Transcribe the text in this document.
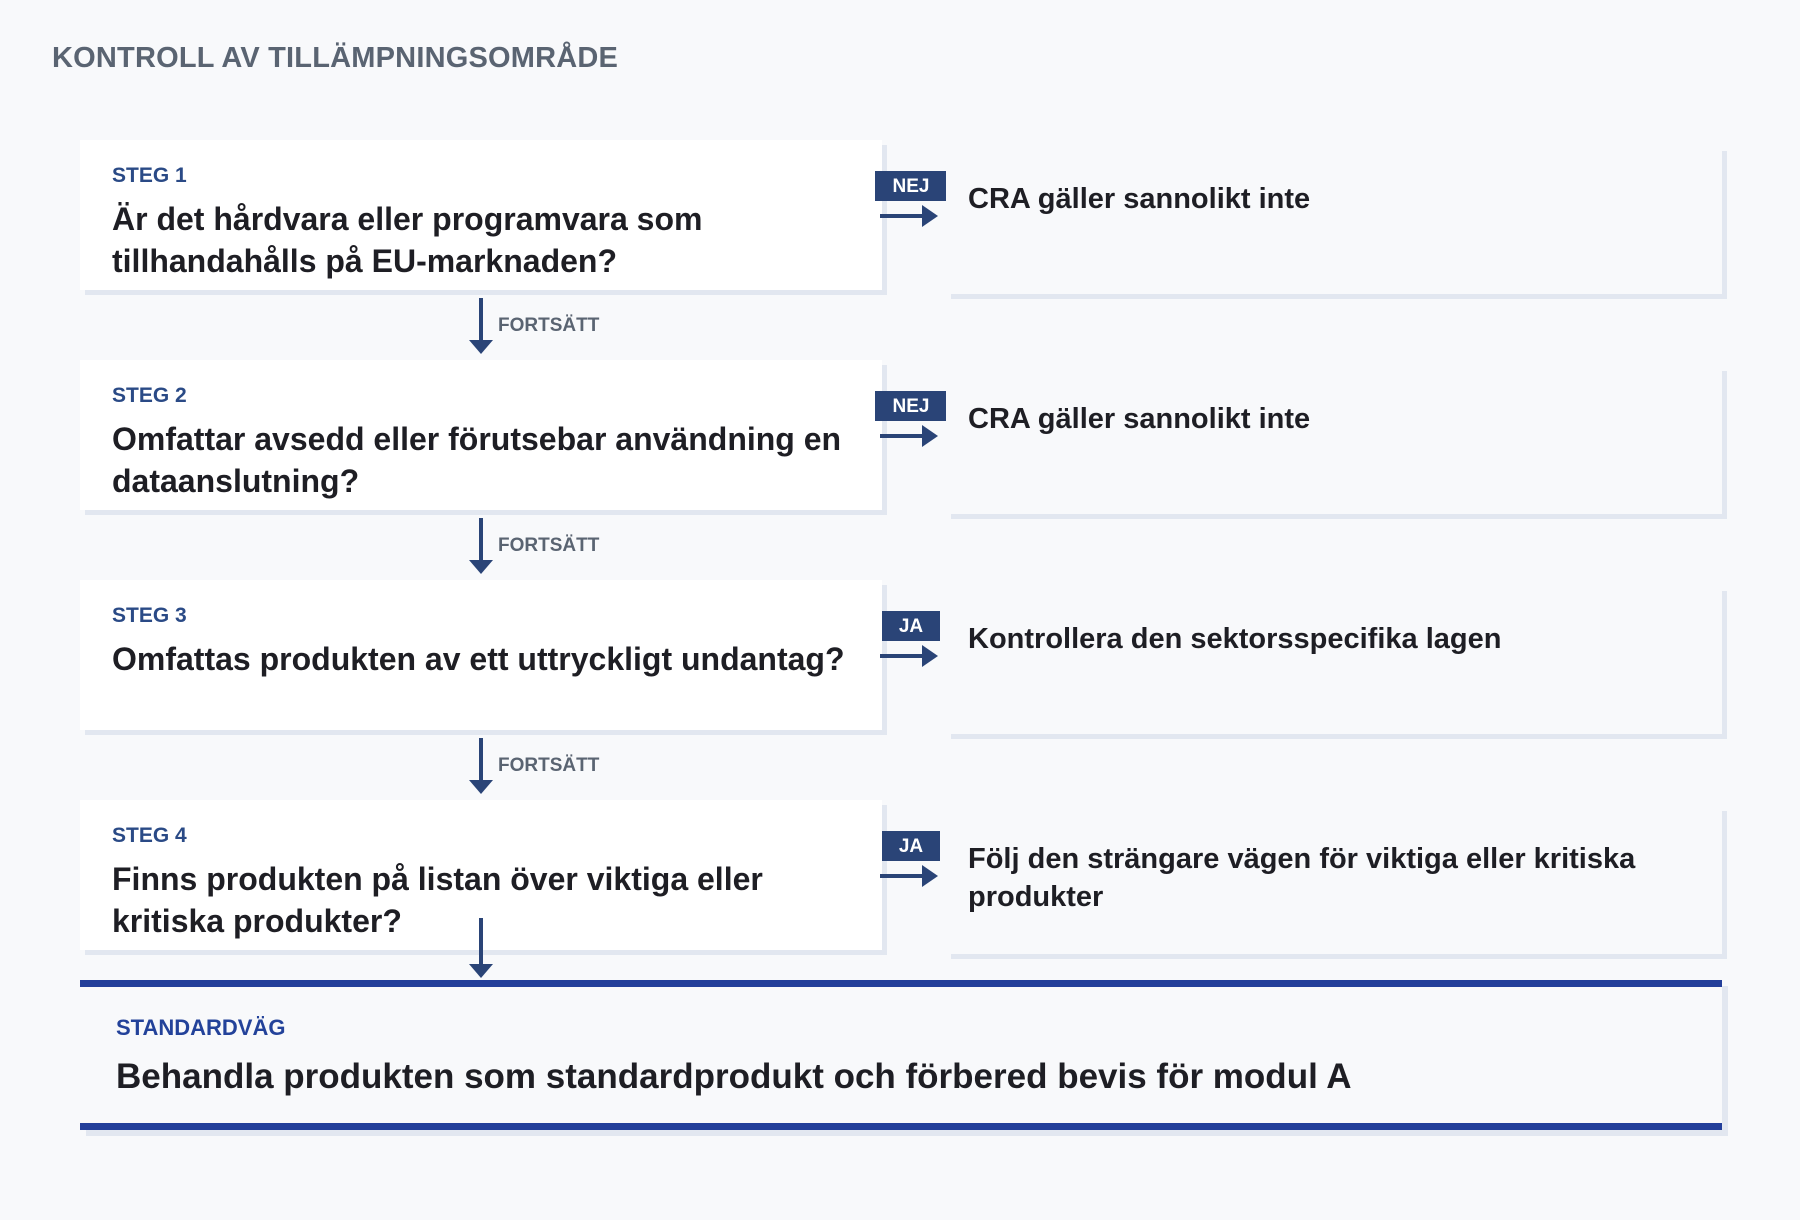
KONTROLL AV TILLÄMPNINGSOMRÅDE
STEG 1
Är det hårdvara eller programvara som tillhandahålls på EU-marknaden?
NEJ	CRA gäller sannolikt inte
FORTSÄTT
STEG 2
Omfattar avsedd eller förutsebar användning en dataanslutning?
NEJ	CRA gäller sannolikt inte
FORTSÄTT
STEG 3
Omfattas produkten av ett uttryckligt undantag?
JA	Kontrollera den sektorsspecifika lagen
FORTSÄTT
STEG 4
Finns produkten på listan över viktiga eller kritiska produkter?
JA	Följ den strängare vägen för viktiga eller kritiska produkter
STANDARDVÄG
Behandla produkten som standardprodukt och förbered bevis för modul A
